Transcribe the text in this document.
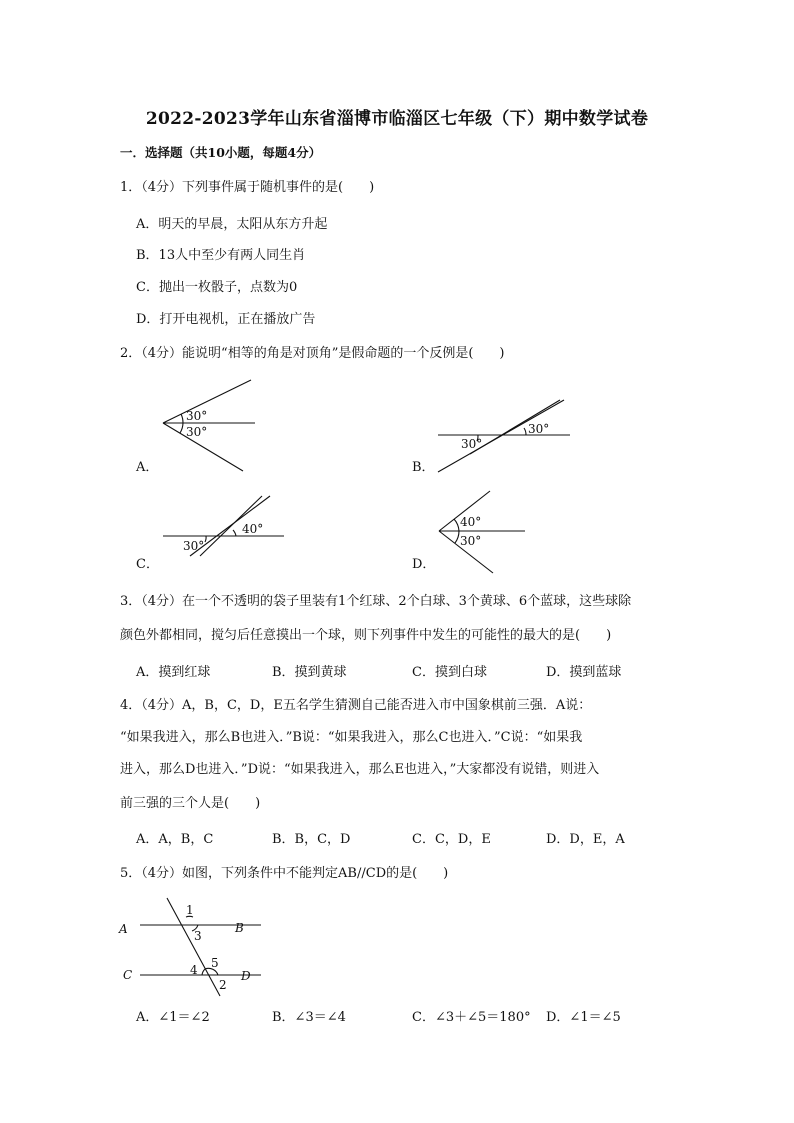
2022-2023学年山东省淄博市临淄区七年级（下）期中数学试卷
一．选择题（共10小题，每题4分）
1．（4分）下列事件属于随机事件的是(　　)
A．明天的早晨，太阳从东方升起
B．13人中至少有两人同生肖
C．抛出一枚骰子，点数为0
D．打开电视机，正在播放广告
2．（4分）能说明“相等的角是对顶角”是假命题的一个反例是(　　)
30°
30°
A．
30°
30°
B．
30°
40°
C．
40°
30°
D．
3．（4分）在一个不透明的袋子里装有1个红球、2个白球、3个黄球、6个蓝球，这些球除
颜色外都相同，搅匀后任意摸出一个球，则下列事件中发生的可能性的最大的是(　　)
A．摸到红球	B．摸到黄球	C．摸到白球	D．摸到蓝球
4．（4分）A，B，C，D，E五名学生猜测自己能否进入市中国象棋前三强．A说：
“如果我进入，那么B也进入．”B说：“如果我进入，那么C也进入．”C说：“如果我
进入，那么D也进入．”D说：“如果我进入，那么E也进入，”大家都没有说错，则进入
前三强的三个人是(　　)
A．A，B，C	B．B，C，D	C．C，D，E	D．D，E，A
5．（4分）如图，下列条件中不能判定AB//CD的是(　　)
A	B
C	D
1
3
4 5
2
A．∠1＝∠2	B．∠3＝∠4	C．∠3＋∠5＝180° D．∠1＝∠5
